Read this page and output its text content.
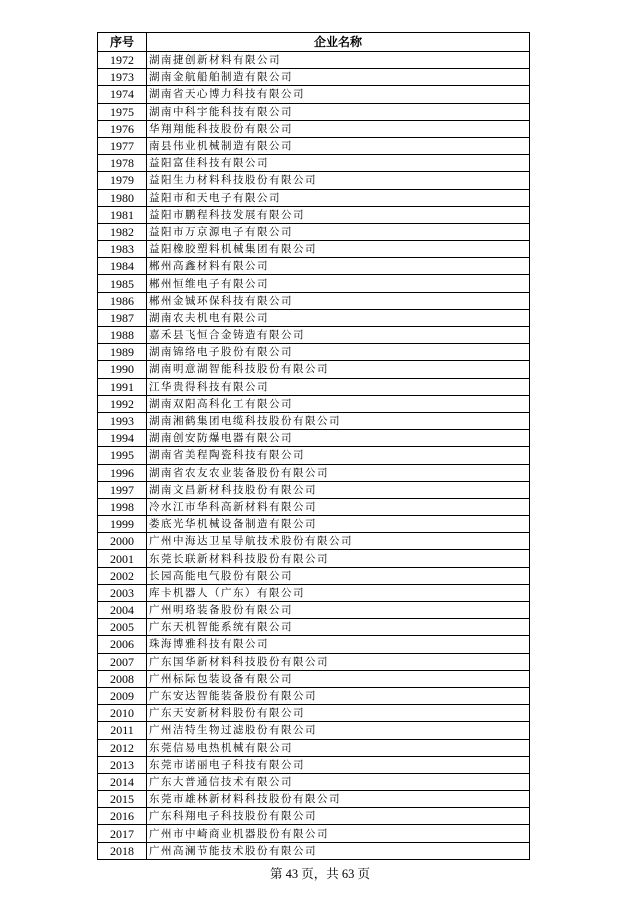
序号	企业名称
1972	湖南捷创新材料有限公司
1973	湖南金航船舶制造有限公司
1974	湖南省天心博力科技有限公司
1975	湖南中科宇能科技有限公司
1976	华翔翔能科技股份有限公司
1977	南县伟业机械制造有限公司
1978	益阳富佳科技有限公司
1979	益阳生力材料科技股份有限公司
1980	益阳市和天电子有限公司
1981	益阳市鹏程科技发展有限公司
1982	益阳市万京源电子有限公司
1983	益阳橡胶塑料机械集团有限公司
1984	郴州高鑫材料有限公司
1985	郴州恒维电子有限公司
1986	郴州金铖环保科技有限公司
1987	湖南农夫机电有限公司
1988	嘉禾县飞恒合金铸造有限公司
1989	湖南锦络电子股份有限公司
1990	湖南明意湖智能科技股份有限公司
1991	江华贵得科技有限公司
1992	湖南双阳高科化工有限公司
1993	湖南湘鹤集团电缆科技股份有限公司
1994	湖南创安防爆电器有限公司
1995	湖南省美程陶瓷科技有限公司
1996	湖南省农友农业装备股份有限公司
1997	湖南文昌新材科技股份有限公司
1998	冷水江市华科高新材料有限公司
1999	娄底光华机械设备制造有限公司
2000	广州中海达卫星导航技术股份有限公司
2001	东莞长联新材料科技股份有限公司
2002	长园高能电气股份有限公司
2003	库卡机器人（广东）有限公司
2004	广州明珞装备股份有限公司
2005	广东天机智能系统有限公司
2006	珠海博雅科技有限公司
2007	广东国华新材料科技股份有限公司
2008	广州标际包装设备有限公司
2009	广东安达智能装备股份有限公司
2010	广东天安新材料股份有限公司
2011	广州洁特生物过滤股份有限公司
2012	东莞信易电热机械有限公司
2013	东莞市诺丽电子科技有限公司
2014	广东大普通信技术有限公司
2015	东莞市雄林新材料科技股份有限公司
2016	广东科翔电子科技股份有限公司
2017	广州市中崎商业机器股份有限公司
2018	广州高澜节能技术股份有限公司
第 43 页，共 63 页
